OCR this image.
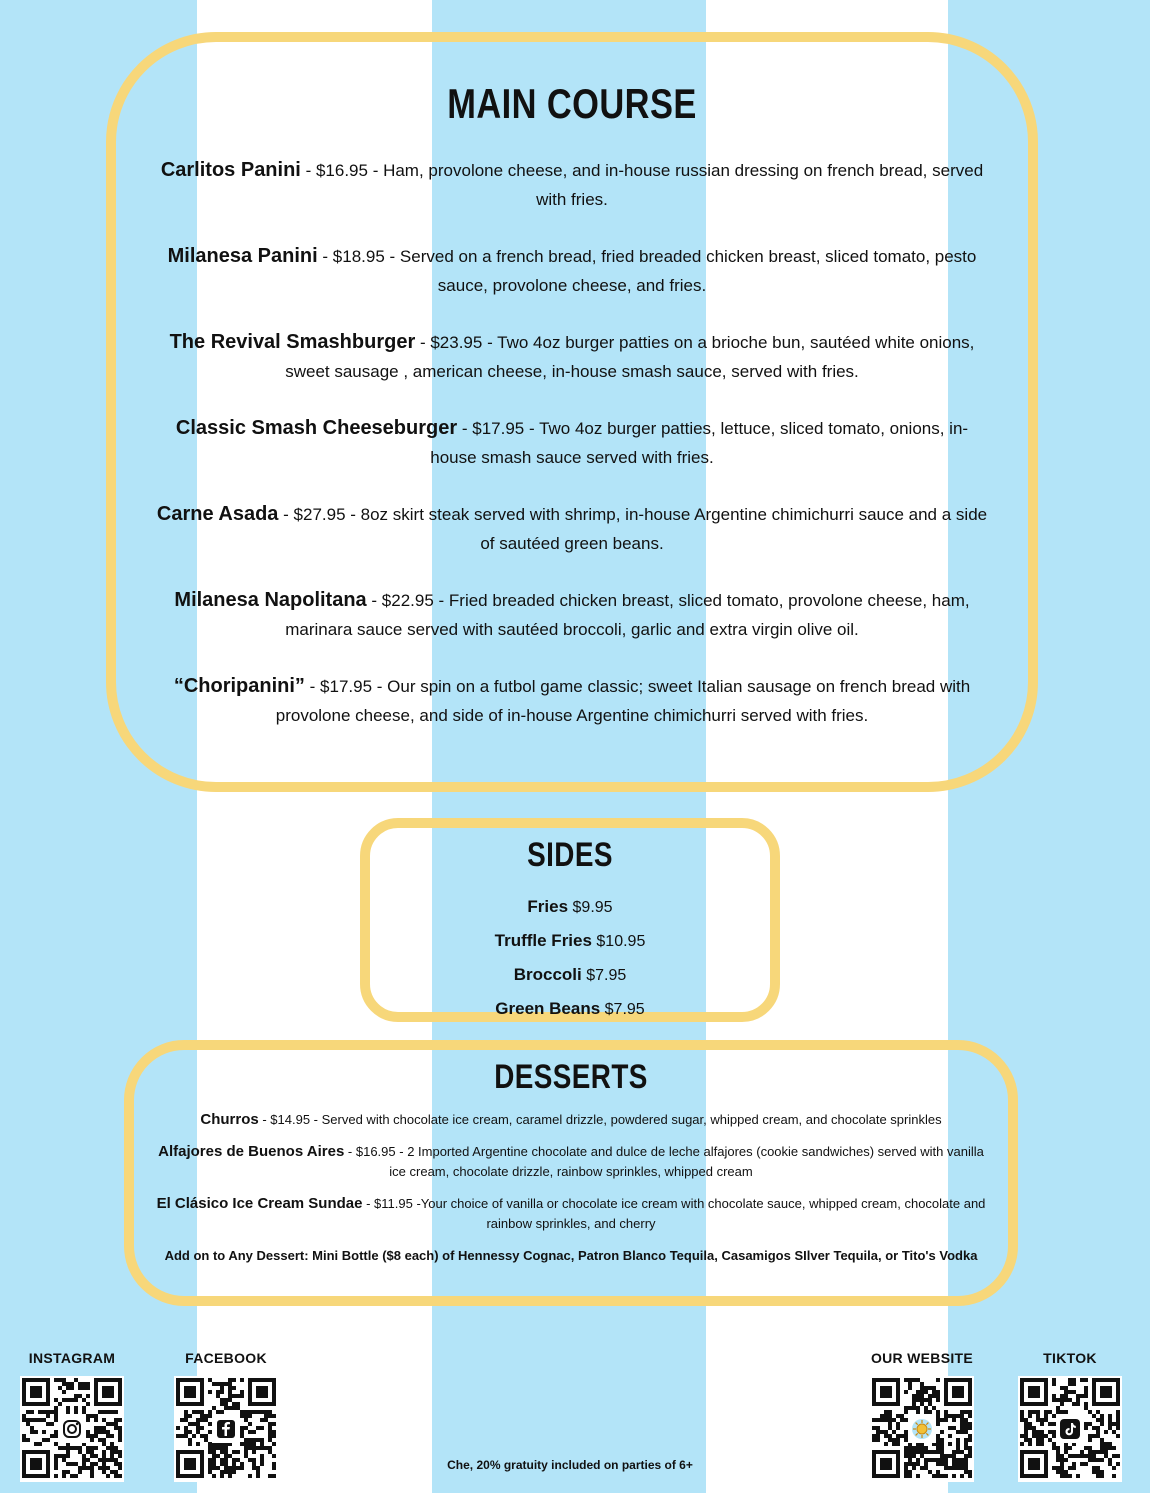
MAIN COURSE
Carlitos Panini - $16.95 - Ham, provolone cheese, and in-house russian dressing on french bread, served with fries.
Milanesa Panini - $18.95 - Served on a french bread, fried breaded chicken breast, sliced tomato, pesto sauce, provolone cheese, and fries.
The Revival Smashburger - $23.95 - Two 4oz burger patties on a brioche bun, sautéed white onions, sweet sausage , american cheese, in-house smash sauce, served with fries.
Classic Smash Cheeseburger - $17.95 - Two 4oz burger patties, lettuce, sliced tomato, onions, in-house smash sauce served with fries.
Carne Asada - $27.95 - 8oz skirt steak served with shrimp, in-house Argentine chimichurri sauce and a side of sautéed green beans.
Milanesa Napolitana - $22.95 - Fried breaded chicken breast, sliced tomato, provolone cheese, ham, marinara sauce served with sautéed broccoli, garlic and extra virgin olive oil.
“Choripanini” - $17.95 - Our spin on a futbol game classic; sweet Italian sausage on french bread with provolone cheese, and side of in-house Argentine chimichurri served with fries.
SIDES
Fries $9.95
Truffle Fries $10.95
Broccoli $7.95
Green Beans $7.95
DESSERTS
Churros - $14.95 - Served with chocolate ice cream, caramel drizzle, powdered sugar, whipped cream, and chocolate sprinkles
Alfajores de Buenos Aires - $16.95 - 2 Imported Argentine chocolate and dulce de leche alfajores (cookie sandwiches) served with vanilla ice cream, chocolate drizzle, rainbow sprinkles, whipped cream
El Clásico Ice Cream Sundae - $11.95 -Your choice of vanilla or chocolate ice cream with chocolate sauce, whipped cream, chocolate and rainbow sprinkles, and cherry
Add on to Any Dessert: Mini Bottle ($8 each) of Hennessy Cognac, Patron Blanco Tequila, Casamigos SIlver Tequila, or Tito's Vodka
INSTAGRAM	FACEBOOK	OUR WEBSITE	TIKTOK
Che, 20% gratuity included on parties of 6+
